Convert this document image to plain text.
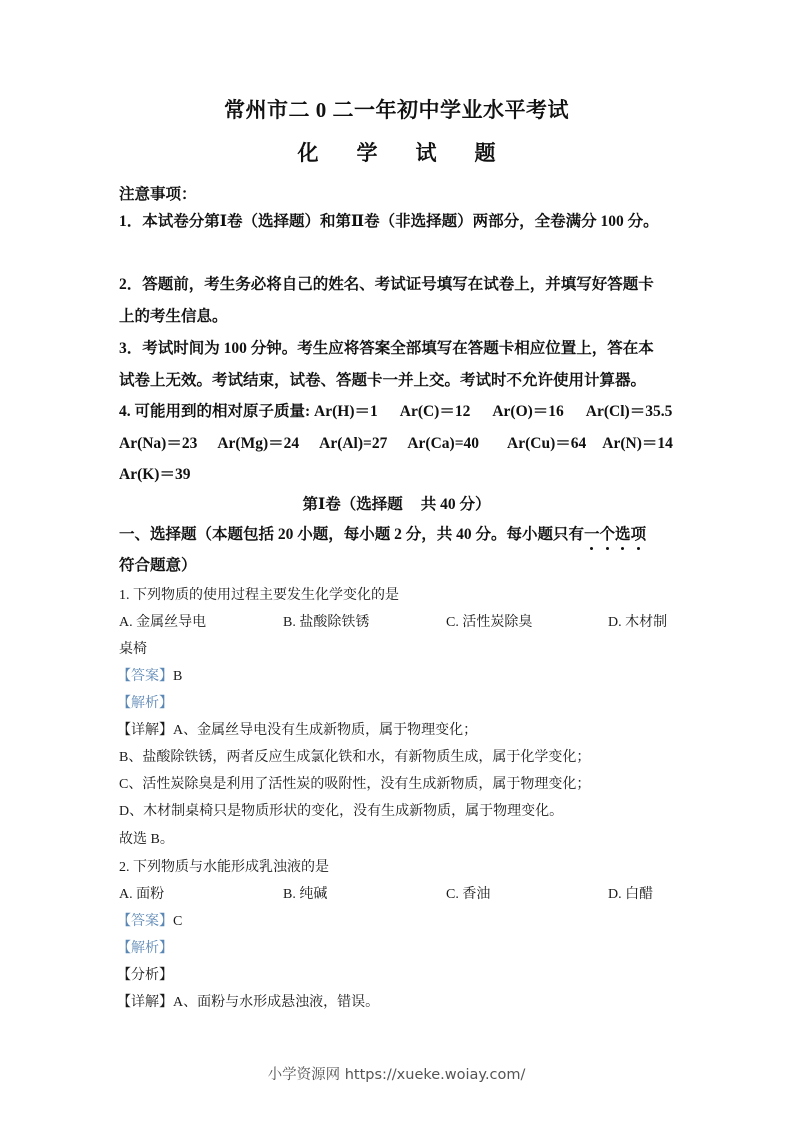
常州市二 0 二一年初中学业水平考试
化 学 试 题
注意事项：
1．本试卷分第Ⅰ卷（选择题）和第Ⅱ卷（非选择题）两部分，全卷满分 100 分。
2．答题前，考生务必将自己的姓名、考试证号填写在试卷上，并填写好答题卡
上的考生信息。
3．考试时间为 100 分钟。考生应将答案全部填写在答题卡相应位置上，答在本
试卷上无效。考试结束，试卷、答题卡一并上交。考试时不允许使用计算器。
4. 可能用到的相对原子质量: Ar(H)＝1 Ar(C)＝12 Ar(O)＝16 Ar(Cl)＝35.5
Ar(Na)＝23 Ar(Mg)＝24 Ar(Al)=27 Ar(Ca)=40 Ar(Cu)＝64 Ar(N)＝14
Ar(K)＝39
第Ⅰ卷（选择题 共 40 分）
一、选择题（本题包括 20 小题，每小题 2 分，共 40 分。每小题只有一个选项
符合题意）
1. 下列物质的使用过程主要发生化学变化的是
A. 金属丝导电	B. 盐酸除铁锈	C. 活性炭除臭	D. 木材制
桌椅
【答案】B
【解析】
【详解】A、金属丝导电没有生成新物质，属于物理变化；
B、盐酸除铁锈，两者反应生成氯化铁和水，有新物质生成，属于化学变化；
C、活性炭除臭是利用了活性炭的吸附性，没有生成新物质，属于物理变化；
D、木材制桌椅只是物质形状的变化，没有生成新物质，属于物理变化。
故选 B。
2. 下列物质与水能形成乳浊液的是
A. 面粉	B. 纯碱	C. 香油	D. 白醋
【答案】C
【解析】
【分析】
【详解】A、面粉与水形成悬浊液，错误。
小学资源网 https://xueke.woiay.com/
